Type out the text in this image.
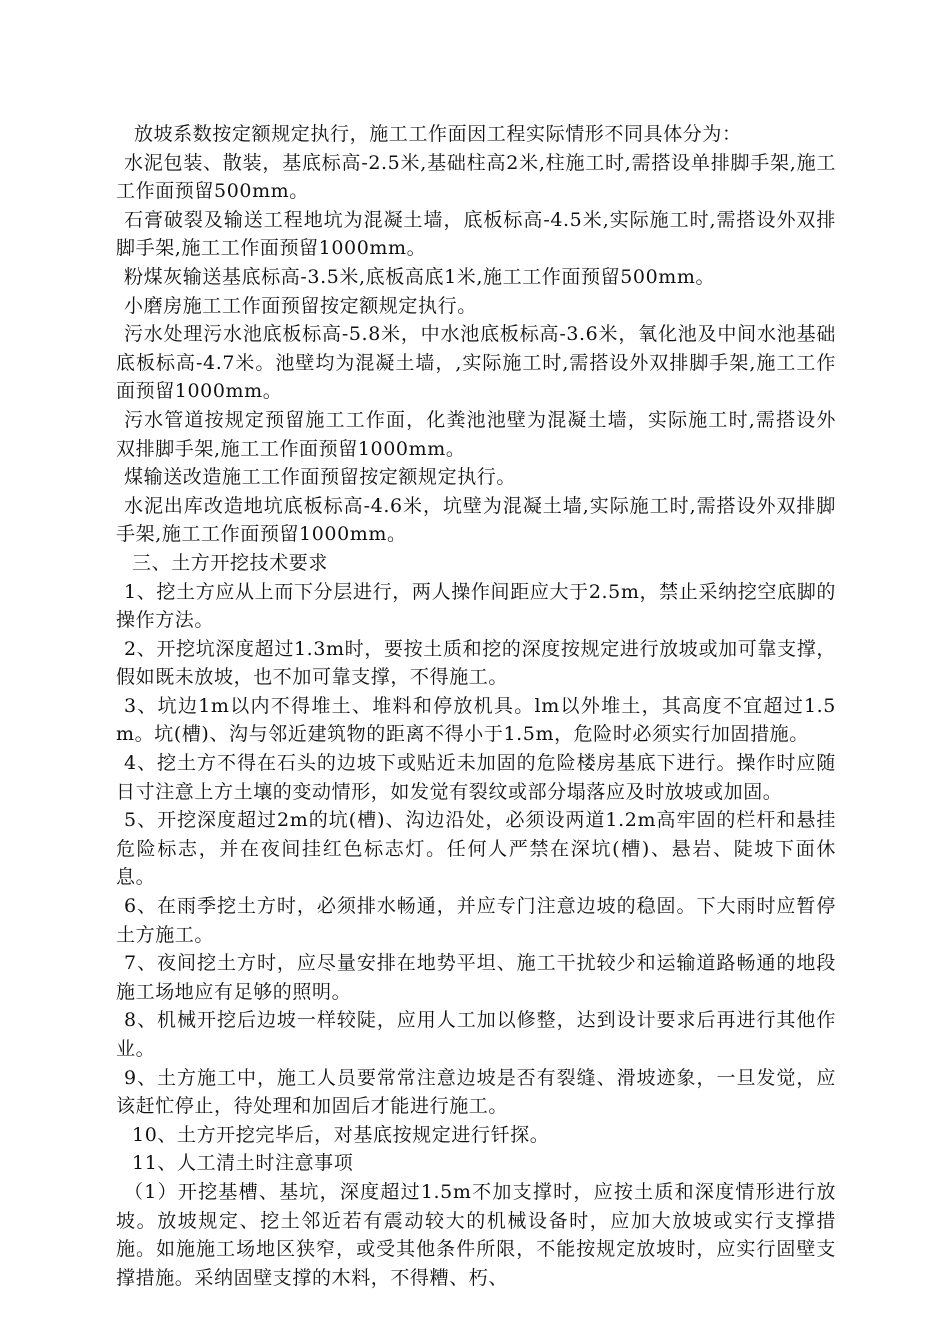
放坡系数按定额规定执行，施工工作面因工程实际情形不同具体分为：

水泥包装、散装，基底标高-2.5米,基础柱高2米,柱施工时,需搭设单排脚手架,施工工作面预留500mm。

石膏破裂及输送工程地坑为混凝土墙，底板标高-4.5米,实际施工时,需搭设外双排脚手架,施工工作面预留1000mm。

粉煤灰输送基底标高-3.5米,底板高底1米,施工工作面预留500mm。

小磨房施工工作面预留按定额规定执行。

污水处理污水池底板标高-5.8米，中水池底板标高-3.6米，氧化池及中间水池基础底板标高-4.7米。池壁均为混凝土墙，,实际施工时,需搭设外双排脚手架,施工工作面预留1000mm。

污水管道按规定预留施工工作面，化粪池池壁为混凝土墙，实际施工时,需搭设外双排脚手架,施工工作面预留1000mm。

煤输送改造施工工作面预留按定额规定执行。

水泥出库改造地坑底板标高-4.6米，坑壁为混凝土墙,实际施工时,需搭设外双排脚手架,施工工作面预留1000mm。

三、土方开挖技术要求

1、挖土方应从上而下分层进行，两人操作间距应大于2.5m，禁止采纳挖空底脚的操作方法。

2、开挖坑深度超过1.3m时，要按土质和挖的深度按规定进行放坡或加可靠支撑，假如既未放坡，也不加可靠支撑，不得施工。

3、坑边1m以内不得堆土、堆料和停放机具。lm以外堆土，其高度不宜超过1.5m。坑(槽)、沟与邻近建筑物的距离不得小于1.5m，危险时必须实行加固措施。

4、挖土方不得在石头的边坡下或贴近未加固的危险楼房基底下进行。操作时应随日寸注意上方土壤的变动情形，如发觉有裂纹或部分塌落应及时放坡或加固。

5、开挖深度超过2m的坑(槽)、沟边沿处，必须设两道1.2m高牢固的栏杆和悬挂危险标志，并在夜间挂红色标志灯。任何人严禁在深坑(槽)、悬岩、陡坡下面休息。

6、在雨季挖土方时，必须排水畅通，并应专门注意边坡的稳固。下大雨时应暂停土方施工。

7、夜间挖土方时，应尽量安排在地势平坦、施工干扰较少和运输道路畅通的地段施工场地应有足够的照明。

8、机械开挖后边坡一样较陡，应用人工加以修整，达到设计要求后再进行其他作业。

9、土方施工中，施工人员要常常注意边坡是否有裂缝、滑坡迹象，一旦发觉，应该赶忙停止，待处理和加固后才能进行施工。

10、土方开挖完毕后，对基底按规定进行钎探。

11、人工清土时注意事项

（1）开挖基槽、基坑，深度超过1.5m不加支撑时，应按土质和深度情形进行放坡。放坡规定、挖土邻近若有震动较大的机械设备时，应加大放坡或实行支撑措施。如施施工场地区狭窄，或受其他条件所限，不能按规定放坡时，应实行固壁支撑措施。采纳固壁支撑的木料，不得糟、朽、
